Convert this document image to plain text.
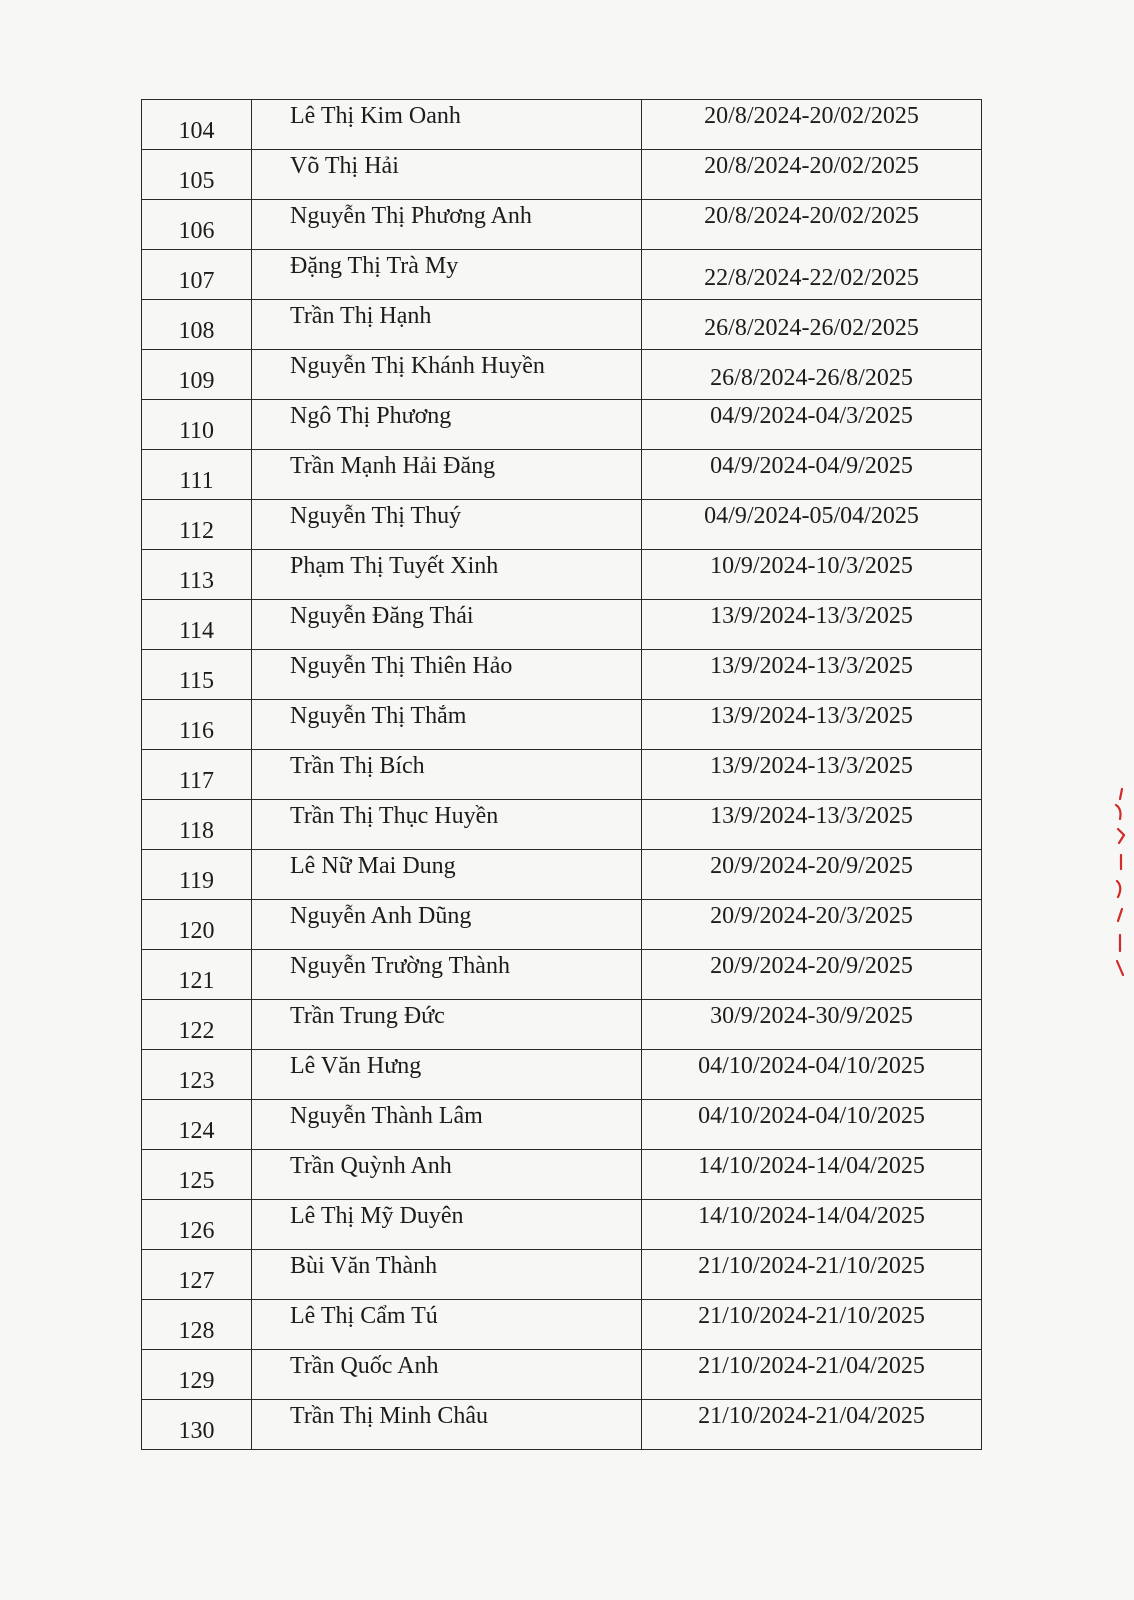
104	Lê Thị Kim Oanh	20/8/2024-20/02/2025
105	Võ Thị Hải	20/8/2024-20/02/2025
106	Nguyễn Thị Phương Anh	20/8/2024-20/02/2025
107	Đặng Thị Trà My	22/8/2024-22/02/2025
108	Trần Thị Hạnh	26/8/2024-26/02/2025
109	Nguyễn Thị Khánh Huyền	26/8/2024-26/8/2025
110	Ngô Thị Phương	04/9/2024-04/3/2025
111	Trần Mạnh Hải Đăng	04/9/2024-04/9/2025
112	Nguyễn Thị Thuý	04/9/2024-05/04/2025
113	Phạm Thị Tuyết Xinh	10/9/2024-10/3/2025
114	Nguyễn Đăng Thái	13/9/2024-13/3/2025
115	Nguyễn Thị Thiên Hảo	13/9/2024-13/3/2025
116	Nguyễn Thị Thắm	13/9/2024-13/3/2025
117	Trần Thị Bích	13/9/2024-13/3/2025
118	Trần Thị Thục Huyền	13/9/2024-13/3/2025
119	Lê Nữ Mai Dung	20/9/2024-20/9/2025
120	Nguyễn Anh Dũng	20/9/2024-20/3/2025
121	Nguyễn Trường Thành	20/9/2024-20/9/2025
122	Trần Trung Đức	30/9/2024-30/9/2025
123	Lê Văn Hưng	04/10/2024-04/10/2025
124	Nguyễn Thành Lâm	04/10/2024-04/10/2025
125	Trần Quỳnh Anh	14/10/2024-14/04/2025
126	Lê Thị Mỹ Duyên	14/10/2024-14/04/2025
127	Bùi Văn Thành	21/10/2024-21/10/2025
128	Lê Thị Cẩm Tú	21/10/2024-21/10/2025
129	Trần Quốc Anh	21/10/2024-21/04/2025
130	Trần Thị Minh Châu	21/10/2024-21/04/2025
